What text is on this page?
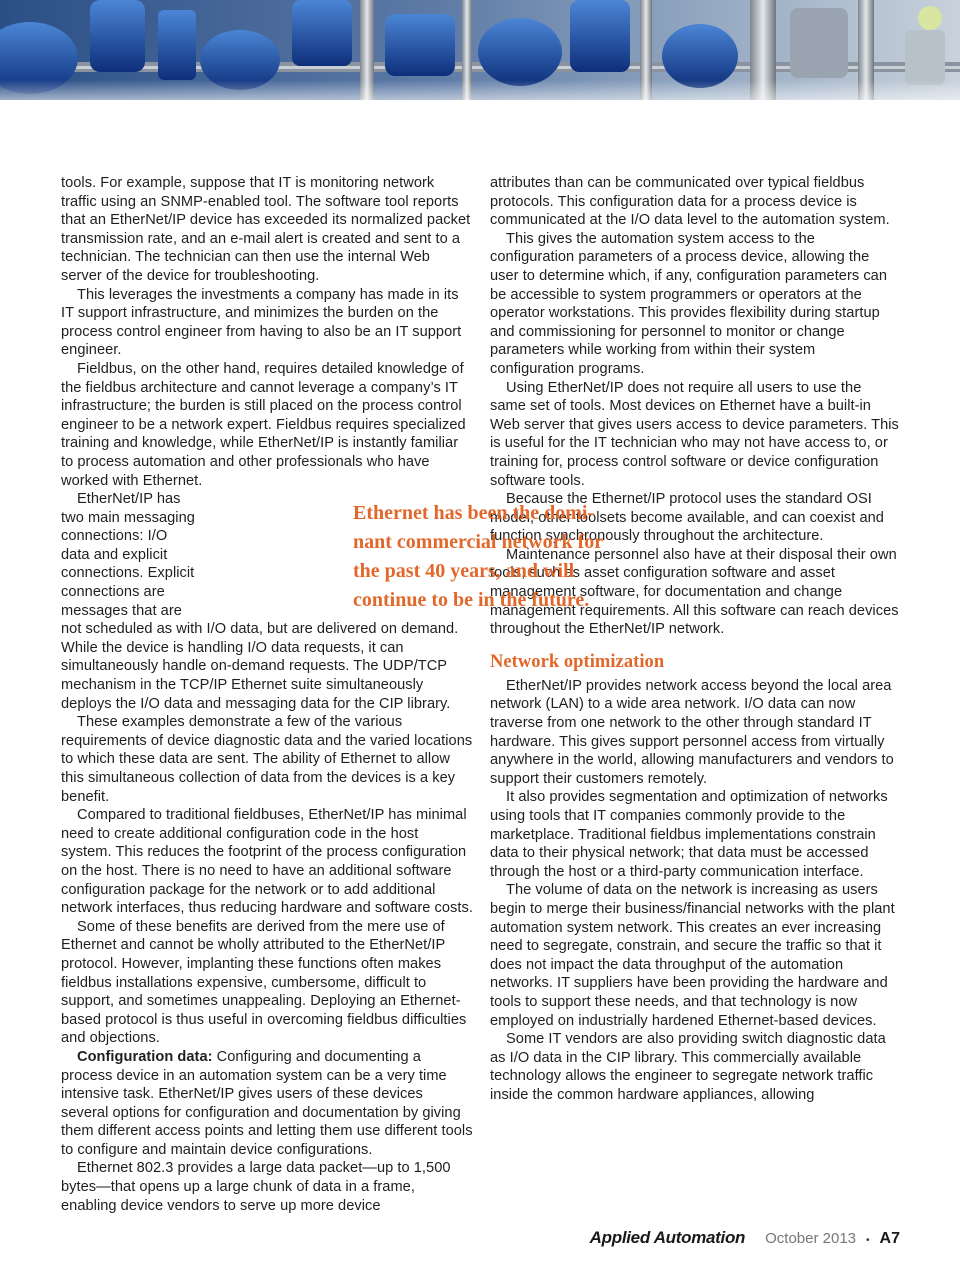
tools. For example, suppose that IT is monitoring network traffic using an SNMP-enabled tool. The software tool reports that an EtherNet/IP device has exceeded its normalized packet transmission rate, and an e-mail alert is created and sent to a technician. The technician can then use the internal Web server of the device for troubleshooting.

This leverages the investments a company has made in its IT support infrastructure, and minimizes the burden on the process control engineer from having to also be an IT support engineer.

Fieldbus, on the other hand, requires detailed knowledge of the fieldbus architecture and cannot leverage a company’s IT infrastructure; the burden is still placed on the process control engineer to be a network expert. Fieldbus requires specialized training and knowledge, while EtherNet/IP is instantly familiar to process automation and other professionals who have worked with Ethernet.

EtherNet/IP has two main messaging connections: I/O data and explicit connections. Explicit connections are messages that are not scheduled as with I/O data, but are delivered on demand. While the device is handling I/O data requests, it can simultaneously handle on-demand requests. The UDP/TCP mechanism in the TCP/IP Ethernet suite simultaneously deploys the I/O data and messaging data for the CIP library.

These examples demonstrate a few of the various requirements of device diagnostic data and the varied locations to which these data are sent. The ability of Ethernet to allow this simultaneous collection of data from the devices is a key benefit.

Compared to traditional fieldbuses, EtherNet/IP has minimal need to create additional configuration code in the host system. This reduces the footprint of the process configuration on the host. There is no need to have an additional software configuration package for the network or to add additional network interfaces, thus reducing hardware and software costs.

Some of these benefits are derived from the mere use of Ethernet and cannot be wholly attributed to the EtherNet/IP protocol. However, implanting these functions often makes fieldbus installations expensive, cumbersome, difficult to support, and sometimes unappealing. Deploying an Ethernet-based protocol is thus useful in overcoming fieldbus difficulties and objections.

Configuration data: Configuring and documenting a process device in an automation system can be a very time intensive task. EtherNet/IP gives users of these devices several options for configuration and documentation by giving them different access points and letting them use different tools to configure and maintain device configurations.

Ethernet 802.3 provides a large data packet—up to 1,500 bytes—that opens up a large chunk of data in a frame, enabling device vendors to serve up more device

attributes than can be communicated over typical fieldbus protocols. This configuration data for a process device is communicated at the I/O data level to the automation system.

This gives the automation system access to the configuration parameters of a process device, allowing the user to determine which, if any, configuration parameters can be accessible to system programmers or operators at the operator workstations. This provides flexibility during startup and commissioning for personnel to monitor or change parameters while working from within their system configuration programs.

Using EtherNet/IP does not require all users to use the same set of tools. Most devices on Ethernet have a built-in Web server that gives users access to device parameters. This is useful for the IT technician who may not have access to, or training for, process control software or device configuration software tools.

Because the Ethernet/IP protocol uses the standard OSI model, other toolsets become available, and can coexist and function synchronously throughout the architecture.

Maintenance personnel also have at their disposal their own tools, such as asset configuration software and asset management software, for documentation and change management requirements. All this software can reach devices throughout the EtherNet/IP network.

Network optimization

EtherNet/IP provides network access beyond the local area network (LAN) to a wide area network. I/O data can now traverse from one network to the other through standard IT hardware. This gives support personnel access from virtually anywhere in the world, allowing manufacturers and vendors to support their customers remotely.

It also provides segmentation and optimization of networks using tools that IT companies commonly provide to the marketplace. Traditional fieldbus implementations constrain data to their physical network; that data must be accessed through the host or a third-party communication interface.

The volume of data on the network is increasing as users begin to merge their business/financial networks with the plant automation system network. This creates an ever increasing need to segregate, constrain, and secure the traffic so that it does not impact the data throughput of the automation networks. IT suppliers have been providing the hardware and tools to support these needs, and that technology is now employed on industrially hardened Ethernet-based devices.

Some IT vendors are also providing switch diagnostic data as I/O data in the CIP library. This commercially available technology allows the engineer to segregate network traffic inside the common hardware appliances, allowing

Ethernet has been the domi-
nant commercial network for
the past 40 years, and will
continue to be in the future.
Applied Automation October 2013 • A7
